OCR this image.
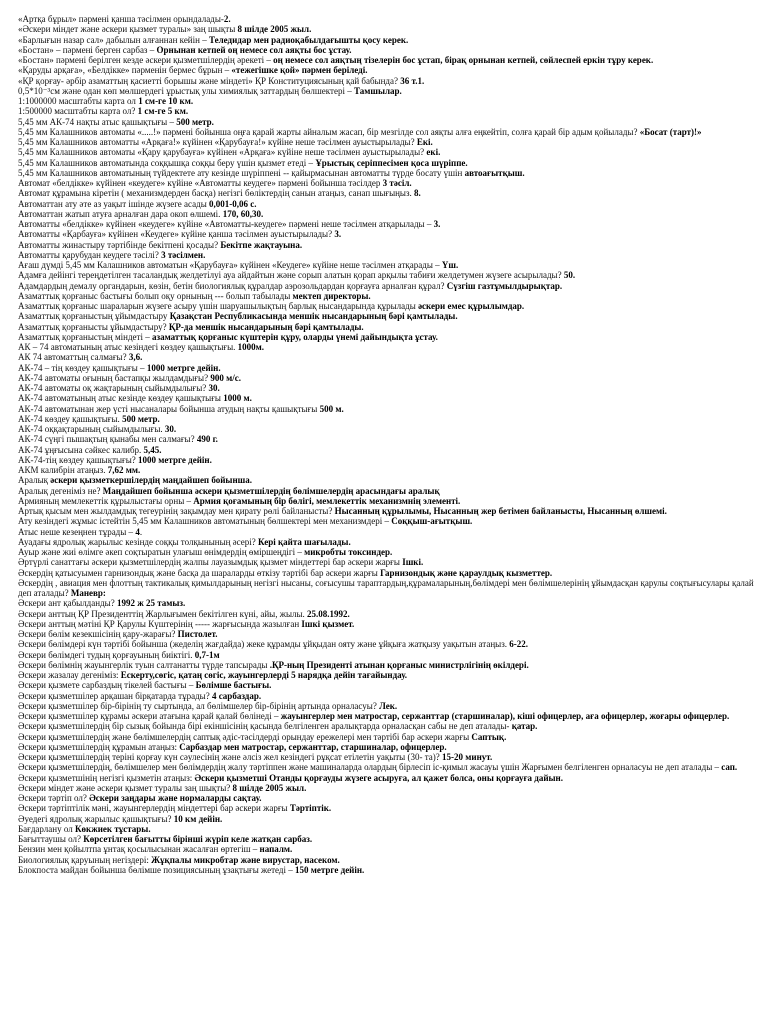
«Артқа бұрыл» пәрмені қанша тәсілмен орындалады-2.

«Әскери міндет және әскери қызмет туралы» заң шықты 8 шілде 2005 жыл.

«Барлығын назар сал» дабылын алғаннан кейін – Теледидар мен радиоқабылдағышты қосу керек.

«Бостан» – пәрмені берген сарбаз – Орнынан кетпей оң немесе сол аяқты бос ұстау.

«Бостан» пәрмені берілген кезде әскери қызметшілердің әрекеті – оң немесе сол аяқтың тізелерін бос ұстап, бірақ орнынан кетпей, сөйлеспей еркін тұру керек.

«Қаруды арқаға», «Белдікке» пәрменін бермес бұрын – «тежегішке қой» пәрмен беріледі.

«ҚР қорғау- әрбір азаматтың қасиетті борышы және міндеті» ҚР Конституциясының қай бабында? 36 т.1.

0,5*10⁻³см және одан көп мөлшердегі ұрыстық улы химиялық заттардың бөлшектері – Тамшылар.

1:1000000 масштабты карта ол 1 см-ге 10 км.

1:500000 масштабты карта ол? 1 см-ге 5 км.

5,45 мм АК-74 нақты атыс қашықтығы – 500 метр.

5,45 мм Калашников автоматы «.....!» пәрмені бойынша оңға қарай жарты айналым жасап, бір мезгілде сол аяқты алға еңкейтіп, солға қарай бір адым қойылады? «Босат (тарт)!»

5,45 мм Калашников автоматты «Арқаға!» күйінен «Қарубауға!» күйіне неше тәсілмен ауыстырылады? Екі.

5,45 мм Калашников автоматы «Қару қарубауға» күйінен «Арқаға» күйіне неше тәсілмен ауыстырылады? екі.

5,45 мм Калашников автоматында соққышқа соққы беру үшін қызмет етеді – Ұрыстық серіппесімен қоса шүріппе.

5,45 мм Калашников автоматының түйдектете ату кезінде шүріппені -- қайырмасынан автоматты түрде босату үшін автоағытқыш.

Автомат «белдікке» күйінен «кеудеге» күйіне «Автоматты кеудеге» пәрмені бойынша тәсілдер 3 тәсіл.

Автомат құрамына кіретін ( механизмдерден басқа) негізгі бөліктердің санын атаңыз, санап шығыңыз. 8.

Автоматтан ату әте аз уақыт ішінде жүзеге асады 0,001-0,06 с.

Автоматтан жатып атуға арналған дара окоп өлшемі. 170, 60,30.

Автоматты «белдікке» күйінен «кеудеге» күйіне «Автоматты-кеудеге» пәрмені неше тәсілмен атқарылады – 3.

Автоматты «Қарбауға» күйінен «Кеудеге» күйіне қанша тәсілмен ауыстырылады? 3.

Автоматты жинастыру тәртібінде бекітпені қосады? Бекітпе жақтауына.

Автоматты қарубудан кеудеге тәсілі? 3 тәсілмен.

Ағаш дүмді 5,45 мм Калашников автоматын «Қарубауға» күйінен «Кеудеге» күйіне неше тәсілмен атқарады – Үш.

Адамға дейінгі тереңдетілген тасаландық желдетілуі ауа айдайтын және сорып алатын қорап арқылы табиғи желдетумен жүзеге асырылады? 50.

Адамдардың демалу органдарын, көзін, бетін биологиялық құралдар аэрозольдардан қорғауға арналған құрал? Сүзгіш газтұмылдырықтар.

Азаматтық қорғаныс бастығы болып оқу орнының --- болып табылады мектеп директоры.

Азаматтық қорғаныс шараларын жүзеге асыру үшін шаруашылықтың барлық нысандарында құрылады әскери емес құрылымдар.

Азаматтық қорғаныстың ұйымдастыру Қазақстан Республикасында меншік нысандарының бәрі қамтылады.

Азаматтық қорғанысты ұйымдастыру? ҚР-да меншік нысандарының бәрі қамтылады.

Азаматтық қорғаныстың міндеті – азаматтық қорғаныс күштерін құру, оларды үнемі дайындықта ұстау.

АК – 74 автоматының атыс кезіндегі көздеу қашықтығы. 1000м.

АК 74 автоматтың салмағы? 3,6.

АК-74 – тің көздеу қашықтығы – 1000 метрге дейін.

АК-74 автоматы оғының бастапқы жылдамдығы? 900 м/с.

АК-74 автоматы оқ жақтарының сыйымдылығы? 30.

АК-74 автоматының атыс кезінде көздеу қашықтығы 1000 м.

АК-74 автоматынан жер үсті нысаналары бойынша атудың нақты қашықтығы 500 м.

АК-74 көздеу қашықтығы. 500 метр.

АК-74 оққақтарының сыйымдылығы. 30.

АК-74 сүңгі пышақтың қынабы мен салмағы? 490 г.

АК-74 ұңғысына сәйкес калибр. 5,45.

АК-74-тің көздеу қашықтығы? 1000 метрге дейін.

АКМ калибрін атаңыз. 7,62 мм.

Аралық әскери қызметкершілердің маңдайшеп бойынша.

Аралық дегеніміз не? Маңдайшеп бойынша әскери қызметшілердің бөлімшелердің арасындағы аралық

Армияның мемлекеттік құрылыстағы орны – Армия қоғамының бір бөлігі, мемлекеттік механизмнің элементі.

Артық қысым мен жылдамдық тегеурінің зақымдау мен қирату рөлі байланысты? Нысанның құрылымы, Нысанның жер бетімен байланысты, Нысанның өлшемі.

Ату кезіндегі жұмыс істейтін 5,45 мм Калашников автоматының бөлшектері мен механизмдері – Соққыш-ағытқыш.

Атыс неше кезеңнен тұрады – 4.

Ауадағы ядролық жарылыс кезінде соққы толқынының әсері? Кері қайта шағылады.

Ауыр және жиі өлімге әкеп соқтыратын улағыш өнімдердің өміршеңдігі – микробты токсиндер.

Әртүрлі санаттағы әскери қызметшілердің жалпы лауазымдық қызмет міндеттері бар әскери жарғы Ішкі.

Әскердің қатысуымен гарнизондық және басқа да шараларды өткізу тәртібі бар әскери жарғы Гарнизондық және қараулдық кызметтер.

Әскердің , авиация мен флоттың тактикалық қимылдарының негізгі нысаны, соғысушы тараптардың,құрамаларының,бөлімдері мен бөлімшелерінің ұйымдасқан қарулы соқтығысулары қалай деп аталады? Маневр:

Әскери ант қабылданды? 1992 ж 25 тамыз.

Әскери анттың ҚР Президенттің Жарлығымен бекітілген күні, айы, жылы. 25.08.1992.

Әскери анттың мәтіні ҚР Қарулы Күштерінің ----- жарғысында жазылған Ішкі қызмет.

Әскери бөлім кезекшісінің қару-жарағы? Пистолет.

Әскери бөлімдері күн тәртібі бойынша (жеделің жағдайда) жеке құрамды ұйқыдан ояту және ұйқыға жатқызу уақытын атаңыз. 6-22.

Әскери бөлімдегі тудың қорғауының биіктігі. 0,7-1м

Әскери бөлімнің жауынгерлік туын салтанатты түрде тапсырады .ҚР-ның Президенті атынан қорғаныс министрлігінің өкілдері.

Әскери жазалау дегеніміз: Ескерту,сөгіс, қатаң сөгіс, жауынгерлерді 5 нарядқа дейін тағайындау.

Әскери қызмете сарбаздың тікелей бастығы – Бөлімше бастығы.

Әскери қызметшілер арқашан бірқатарда тұрады? 4 сарбаздар.

Әскери қызметшілер бір-бірінің ту сыртында, ал бөлімшелер бір-бірінің артында орналасуы? Лек.

Әскери қызметшілер құрамы әскери атағына қарай қалай бөлінеді – жауынгерлер мен матростар, сержанттар (старшиналар), кіші офицерлер, аға офицерлер, жоғары офицерлер.

Әскери қызметшілердің бір сызық бойында бірі екіншісінің қасында белгіленген аралықтарда орналасқан сабы не деп аталады- қатар.

Әскери қызметшілердің және бөлімшелердің саптық әдіс-тәсілдерді орындау ережелері мен тәртібі бар әскери жарғы Саптық.

Әскери қызметшілердің құрамын атаңыз: Сарбаздар мен матростар, сержанттар, старшиналар, офицерлер.

Әскери қызметшілердің терінi қорғау күн сәулесінің және әлсіз жел кезіндегі рұқсат етілетін уақыты (30- та)? 15-20 минут.

Әскери қызметшілердің, бөлімшелер мен бөлімдердің жалу тәртіппен және машиналарда олардың бірлесіп іс-қимыл жасауы үшін Жарғымен белгіленген орналасуы не деп аталады – сап.

Әскери қызметшінің негізгі қызметін атаңыз: Әскери қызметші Отанды қорғауды жүзеге асыруға, ал қажет болса, оны қорғауға дайын.

Әскери міндет және әскери қызмет туралы заң шықты? 8 шілде 2005 жыл.

Әскери тәртіп ол? Әскери заңдары және нормаларды сақтау.

Әскери тәртіптілік мәні, жауынгерлердің міндеттері бар әскери жарғы Тәртіптік.

Әуедегі ядролық жарылыс қашықтығы? 10 км дейін.

Бағдарлану ол Көкжиек тұстары.

Бағыттаушы ол? Көрсетілген бағытты бірінші жүріп келе жатқан сарбаз.

Бензин мен қойылтпа ұнтақ қосылысынан жасалған өртегіш – напалм.

Биологиялық қаруының негіздері: Жұқпалы микробтар және вирустар, насеком.

Блокпоста майдан бойынша бөлімше позициясының ұзақтығы жетеді – 150 метрге дейін.
